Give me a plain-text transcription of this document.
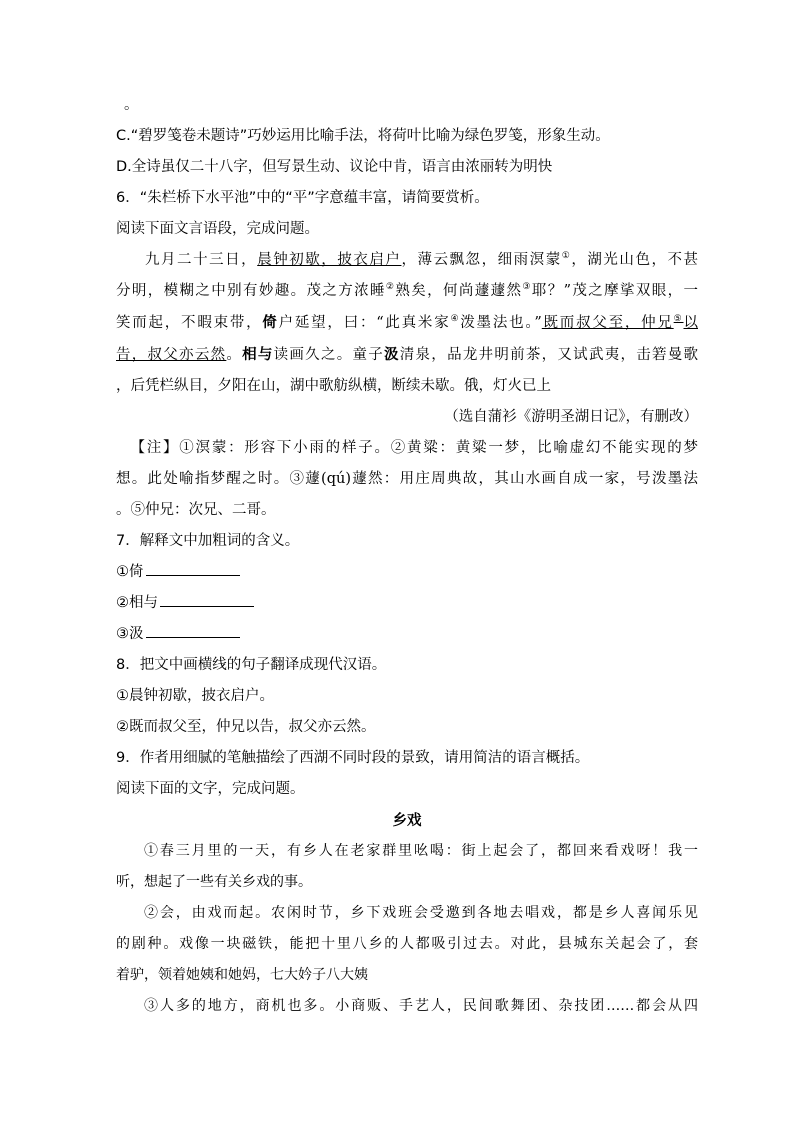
。
C.“碧罗笺卷未题诗”巧妙运用比喻手法，将荷叶比喻为绿色罗笺，形象生动。
D.全诗虽仅二十八字，但写景生动、议论中肯，语言由浓丽转为明快
6．“朱栏桥下水平池”中的“平”字意蕴丰富，请简要赏析。
阅读下面文言语段，完成问题。
九月二十三日，晨钟初歇，披衣启户，薄云飘忽，细雨溟蒙①，湖光山色，不甚
分明，模糊之中别有妙趣。茂之方浓睡②熟矣，何尚蘧蘧然③耶？”茂之摩挲双眼，一
笑而起，不暇束带，倚户延望，曰：“此真米家④泼墨法也。”既而叔父至，仲兄⑤以
告，叔父亦云然。相与读画久之。童子汲清泉，品龙井明前茶，又试武夷，击箬曼歌
，后凭栏纵目，夕阳在山，湖中歌舫纵横，断续未歇。俄，灯火已上
（选自蒲衫《游明圣湖日记》，有删改）
【注】①溟蒙：形容下小雨的样子。②黄粱：黄粱一梦，比喻虚幻不能实现的梦
想。此处喻指梦醒之时。③蘧(qú)蘧然：用庄周典故，其山水画自成一家，号泼墨法
。⑤仲兄：次兄、二哥。
7．解释文中加粗词的含义。
①倚
②相与
③汲
8．把文中画横线的句子翻译成现代汉语。
①晨钟初歇，披衣启户。
②既而叔父至，仲兄以告，叔父亦云然。
9．作者用细腻的笔触描绘了西湖不同时段的景致，请用简洁的语言概括。
阅读下面的文字，完成问题。
乡戏
①春三月里的一天，有乡人在老家群里吆喝：街上起会了，都回来看戏呀！我一
听，想起了一些有关乡戏的事。
②会，由戏而起。农闲时节，乡下戏班会受邀到各地去唱戏，都是乡人喜闻乐见
的剧种。戏像一块磁铁，能把十里八乡的人都吸引过去。对此，县城东关起会了，套
着驴，领着她姨和她妈，七大妗子八大姨
③人多的地方，商机也多。小商贩、手艺人，民间歌舞团、杂技团……都会从四
